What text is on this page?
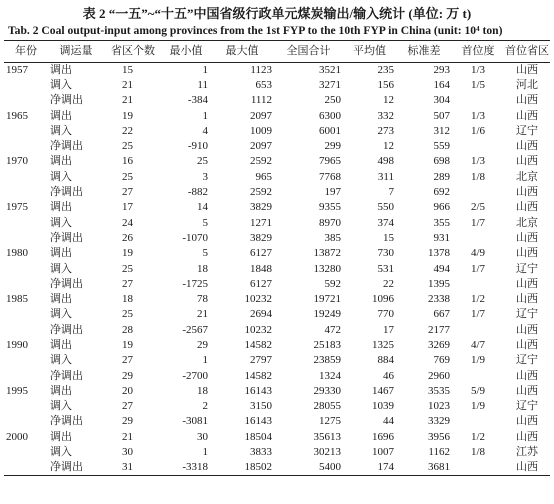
表 2 “一五”~“十五”中国省级行政单元煤炭输出/输入统计 (单位: 万 t)
Tab. 2 Coal output-input among provinces from the 1st FYP to the 10th FYP in China (unit: 10⁴ ton)
年份	调运量	省区个数	最小值	最大值	全国合计	平均值	标准差	首位度	首位省区
1957	调出	15	1	1123	3521	235	293	1/3	山西
	调入	21	11	653	3271	156	164	1/5	河北
	净调出	21	-384	1112	250	12	304		山西
1965	调出	19	1	2097	6300	332	507	1/3	山西
	调入	22	4	1009	6001	273	312	1/6	辽宁
	净调出	25	-910	2097	299	12	559		山西
1970	调出	16	25	2592	7965	498	698	1/3	山西
	调入	25	3	965	7768	311	289	1/8	北京
	净调出	27	-882	2592	197	7	692		山西
1975	调出	17	14	3829	9355	550	966	2/5	山西
	调入	24	5	1271	8970	374	355	1/7	北京
	净调出	26	-1070	3829	385	15	931		山西
1980	调出	19	5	6127	13872	730	1378	4/9	山西
	调入	25	18	1848	13280	531	494	1/7	辽宁
	净调出	27	-1725	6127	592	22	1395		山西
1985	调出	18	78	10232	19721	1096	2338	1/2	山西
	调入	25	21	2694	19249	770	667	1/7	辽宁
	净调出	28	-2567	10232	472	17	2177		山西
1990	调出	19	29	14582	25183	1325	3269	4/7	山西
	调入	27	1	2797	23859	884	769	1/9	辽宁
	净调出	29	-2700	14582	1324	46	2960		山西
1995	调出	20	18	16143	29330	1467	3535	5/9	山西
	调入	27	2	3150	28055	1039	1023	1/9	辽宁
	净调出	29	-3081	16143	1275	44	3329		山西
2000	调出	21	30	18504	35613	1696	3956	1/2	山西
	调入	30	1	3833	30213	1007	1162	1/8	江苏
	净调出	31	-3318	18502	5400	174	3681		山西
